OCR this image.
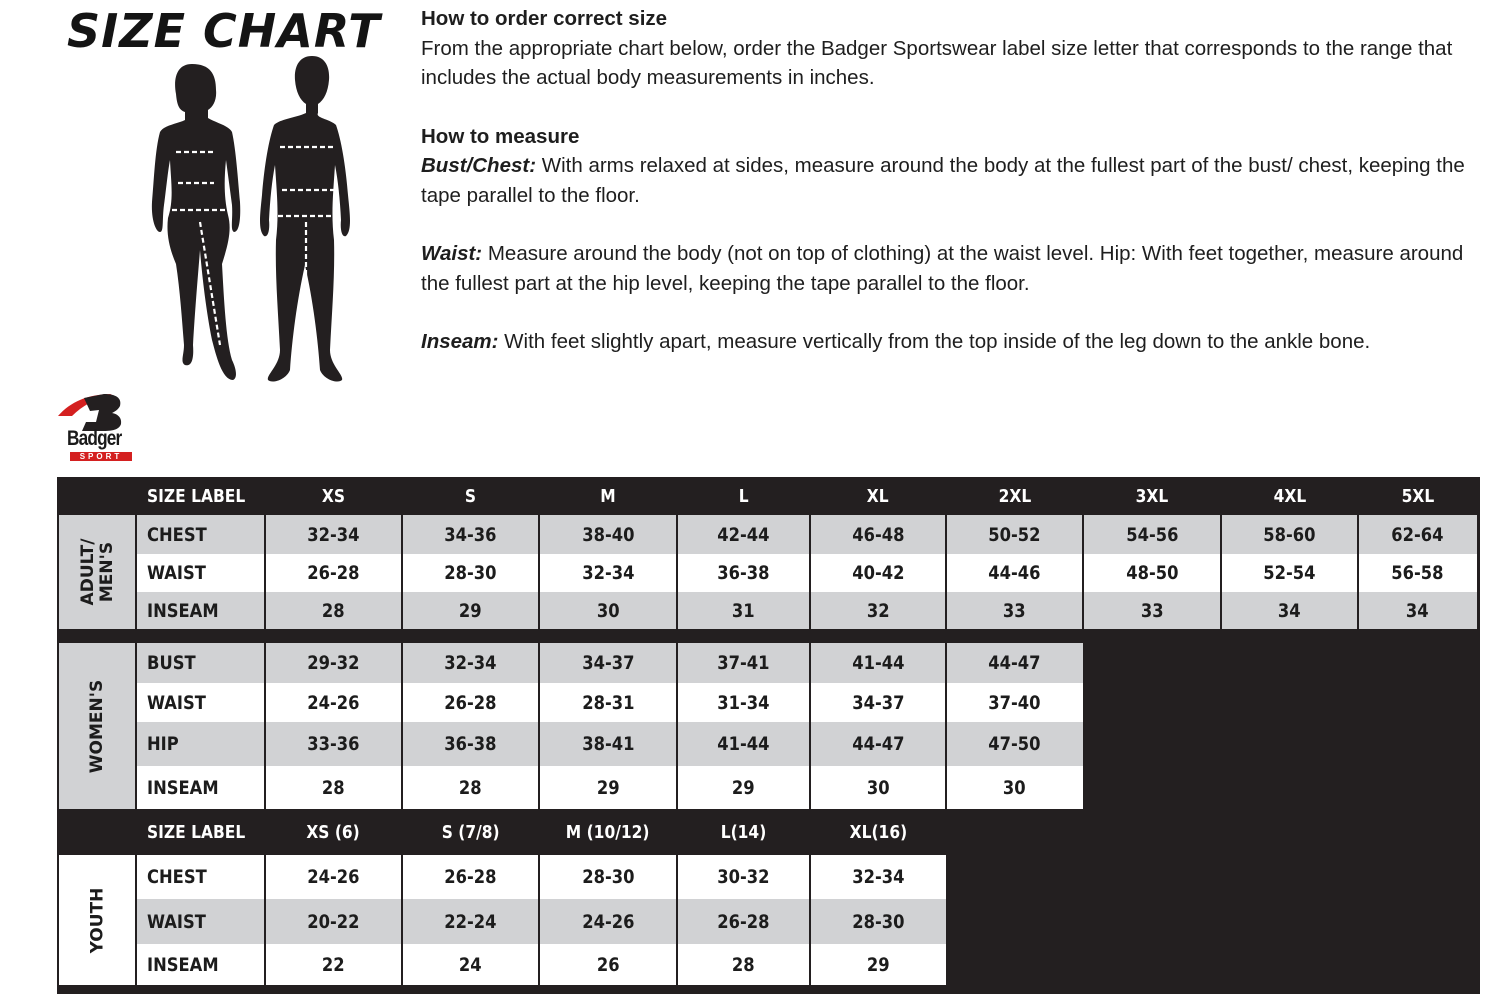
SIZE CHART
Badger
SPORT

How to order correct size

From the appropriate chart below, order the Badger Sportswear label size letter that corresponds to the range that includes the actual body measurements in inches.

How to measure

Bust/Chest: With arms relaxed at sides, measure around the body at the fullest part of the bust/ chest, keeping the tape parallel to the floor.

Waist: Measure around the body (not on top of clothing) at the waist level. Hip: With feet together, measure around the fullest part at the hip level, keeping the tape parallel to the floor.

Inseam: With feet slightly apart, measure vertically from the top inside of the leg down to the ankle bone.

SIZE LABEL	XS	S	M	L	XL	2XL	3XL	4XL	5XL
ADULT/ MEN'S
CHEST	32-34	34-36	38-40	42-44	46-48	50-52	54-56	58-60	62-64
WAIST	26-28	28-30	32-34	36-38	40-42	44-46	48-50	52-54	56-58
INSEAM	28	29	30	31	32	33	33	34	34
WOMEN'S
BUST	29-32	32-34	34-37	37-41	41-44	44-47
WAIST	24-26	26-28	28-31	31-34	34-37	37-40
HIP	33-36	36-38	38-41	41-44	44-47	47-50
INSEAM	28	28	29	29	30	30
YOUTH
SIZE LABEL	XS (6)	S (7/8)	M (10/12)	L(14)	XL(16)
CHEST	24-26	26-28	28-30	30-32	32-34
WAIST	20-22	22-24	24-26	26-28	28-30
INSEAM	22	24	26	28	29
